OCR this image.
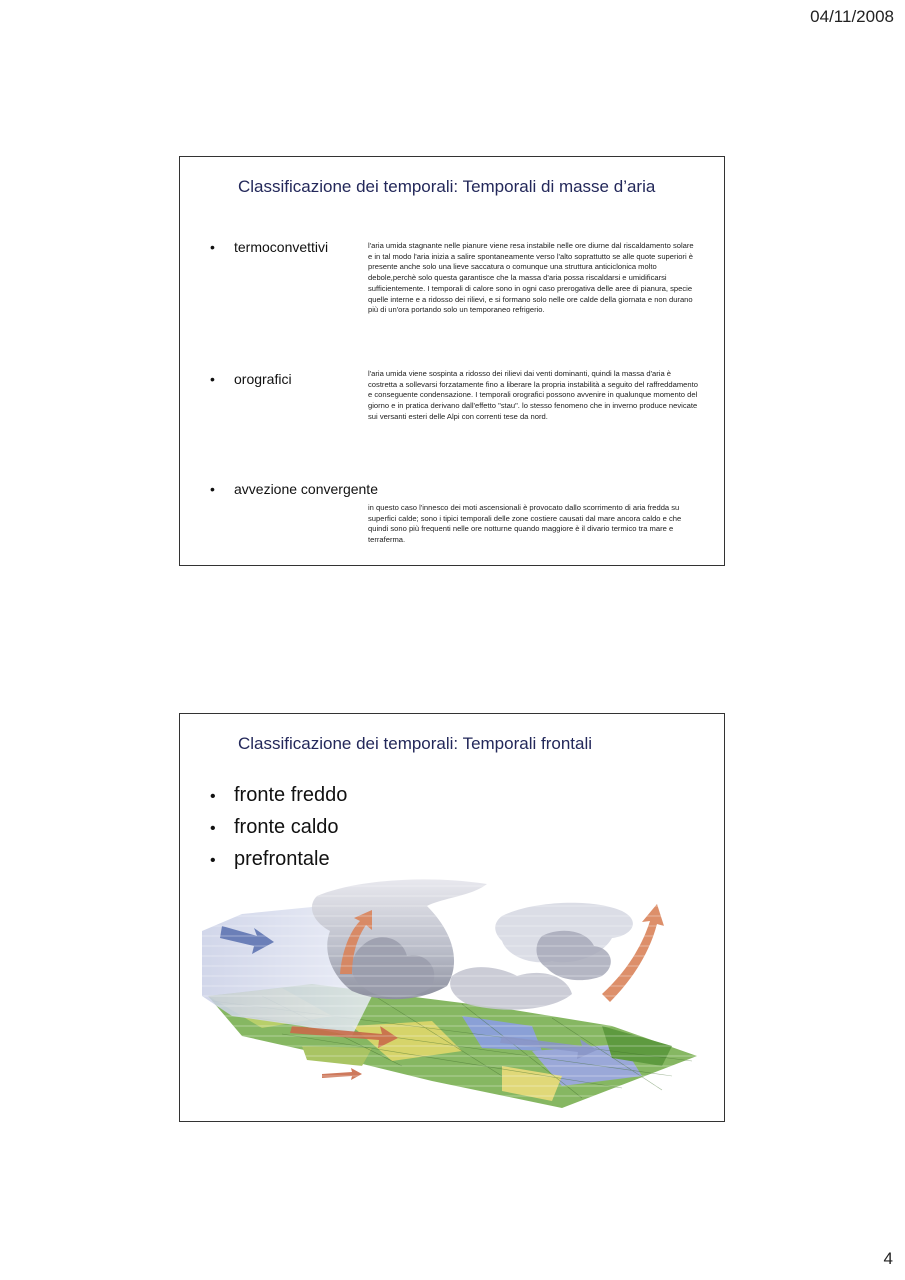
04/11/2008
Classificazione dei temporali: Temporali di masse d’aria
• termoconvettivi	l'aria umida stagnante nelle pianure viene resa instabile nelle ore diurne dal riscaldamento solare e in tal modo l'aria inizia a salire spontaneamente verso l'alto soprattutto se alle quote superiori è presente anche solo una lieve saccatura o comunque una struttura anticiclonica molto debole,perchè solo questa garantisce che la massa d'aria possa riscaldarsi e umidificarsi sufficientemente. I temporali di calore sono in ogni caso prerogativa delle aree di pianura, specie quelle interne e a ridosso dei rilievi, e si formano solo nelle ore calde della giornata e non durano più di un'ora portando solo un temporaneo refrigerio.
• orografici	l'aria umida viene sospinta a ridosso dei rilievi dai venti dominanti, quindi la massa d'aria è costretta a sollevarsi forzatamente fino a liberare la propria instabilità a seguito del raffreddamento e conseguente condensazione. I temporali orografici possono avvenire in qualunque momento del giorno e in pratica derivano dall'effetto "stau". lo stesso fenomeno che in inverno produce nevicate sui versanti esteri delle Alpi con correnti tese da nord.
• avvezione convergente
in questo caso l'innesco dei moti ascensionali è provocato dallo scorrimento di aria fredda su superfici calde; sono i tipici temporali delle zone costiere causati dal mare ancora caldo e che quindi sono più frequenti nelle ore notturne quando maggiore è il divario termico tra mare e terraferma.
Classificazione dei temporali: Temporali frontali
• fronte freddo
• fronte caldo
• prefrontale
4
